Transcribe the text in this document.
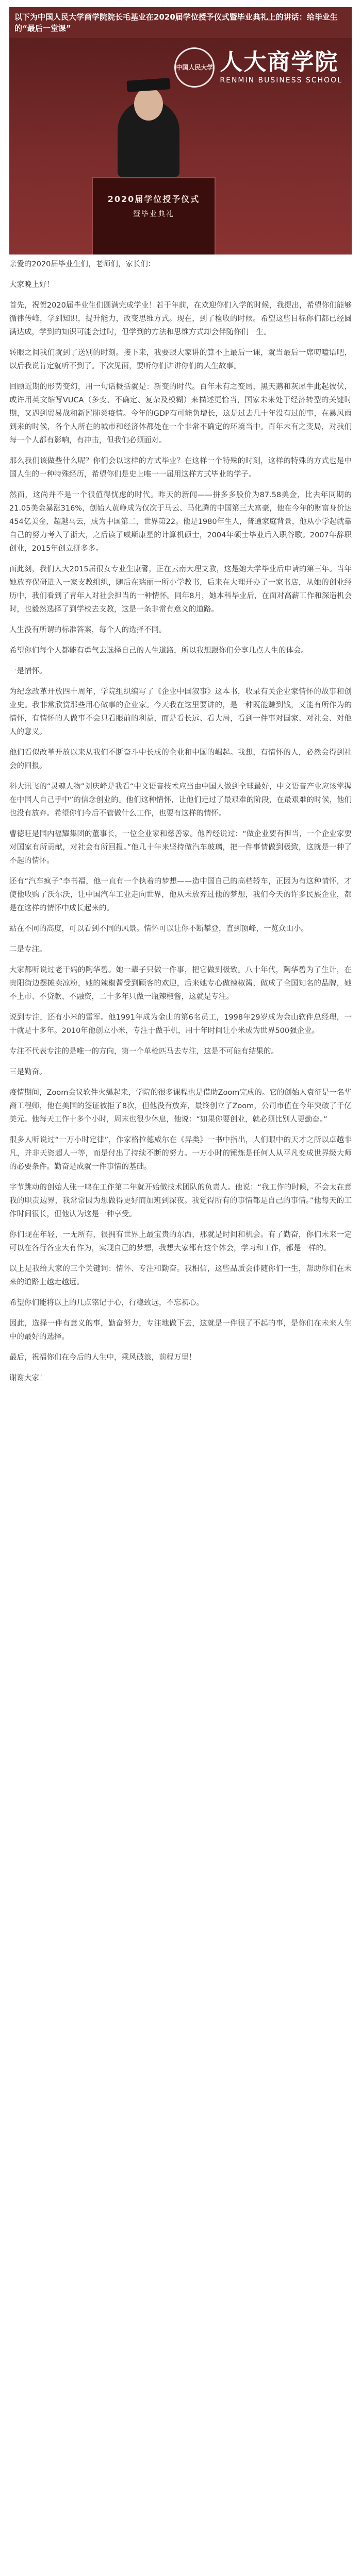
以下为中国人民大学商学院院长毛基业在2020届学位授予仪式暨毕业典礼上的讲话：给毕业生的“最后一堂课”
中国人民大学 人大商学院
RENMIN BUSINESS SCHOOL
2020届学位授予仪式
暨毕业典礼

亲爱的2020届毕业生们，老师们，家长们：

大家晚上好！

首先，祝贺2020届毕业生们圆满完成学业！若干年前，在欢迎你们入学的时候，我提出，希望你们能够循律传峰，学到知识，提升能力，改变思维方式。现在，到了检收的时候。希望这些目标你们都已经圆满达成，学到的知识可能会过时，但学到的方法和思维方式却会伴随你们一生。

转眼之间我们就到了送别的时刻。接下来，我要跟大家讲的算不上最后一课，就当最后一席叨嗑语吧，以后我说肯定就听不到了。下次见面，要听你们讲讲你们的人生故事。

回顾近期的形势变幻，用一句话概括就是：新变的时代。百年未有之变局，黑天鹅和灰犀牛此起彼伏，或许用英文缩写VUCA（多变、不确定、复杂及模糊）来描述更恰当，国家未来处于经济转型的关键时期，又遇到贸易战和新冠肺炎疫情。今年的GDP有可能负增长，这是过去几十年没有过的事，在暴风雨到来的时候，各个人所在的城市和经济体都处在一个非常不确定的环境当中。百年未有之变局，对我们每一个人都有影响，有冲击，但我们必须面对。

那么我们该做些什么呢？你们会以这样的方式毕业？在这样一个特殊的时刻，这样的特殊的方式也是中国人生的一种特殊经历，希望你们是史上唯一一届用这样方式毕业的学子。

然而，这尚并不是一个很值得忧虑的时代。昨天的新闻——拼多多股价为87.58美金，比去年同期的21.05美金暴涨316%，创始人黄峥成为仅次于马云、马化腾的中国第三大富豪，他在今年的财富身价达454亿美金，超越马云，成为中国第二，世界第22。他是1980年生人，普通家庭背景，他从小学起就靠自己的努力考入了浙大，之后读了威斯康星的计算机硕士，2004年硕士毕业后入职谷歌。2007年辞职创业，2015年创立拼多多。

而此刻，我们人大2015届很女专业生康馨，正在云南大理支教，这是她大学毕业后申请的第三年。当年她放弃保研进入一家支教组织，随后在瑞丽一所小学教书，后来在大理开办了一家书店，从她的创业经历中，我们看到了青年人对社会担当的一种情怀。同年8月，她本科毕业后，在面对高薪工作和深造机会时，也毅然选择了到学校去支教，这是一条非常有意义的道路。

人生没有所谓的标准答案，每个人的选择不同。

希望你们每个人都能有勇气去选择自己的人生道路，所以我想跟你们分享几点人生的体会。

一是情怀。

为纪念改革开放四十周年，学院组织编写了《企业中国叙事》这本书，收录有关企业家情怀的故事和创业史。我非常欣赏那些用心做事的企业家。今天我在这里要讲的，是一种既能赚到钱，又能有所作为的情怀，有情怀的人做事不会只看眼前的利益，而是看长远、看大局，看到一件事对国家、对社会、对他人的意义。

他们看似改革开放以来从我们不断奋斗中长成的企业和中国的崛起。我想，有情怀的人，必然会得到社会的回报。

科大讯飞的“灵魂人物”刘庆峰是我看“中文语音技术应当由中国人做到全球最好，中文语音产业应该掌握在中国人自己手中”的信念创业的。他们这种情怀，让他们走过了最艰难的阶段，在最艰难的时候，他们也没有放弃。希望你们今后不管做什么工作，也要有这样的情怀。

曹德旺是国内福耀集团的董事长，一位企业家和慈善家。他曾经说过：“做企业要有担当，一个企业家要对国家有所贡献，对社会有所回报。”他几十年来坚持做汽车玻璃，把一件事情做到极致，这就是一种了不起的情怀。

还有“汽车疯子”李书福，他一直有一个执着的梦想——造中国自己的高档轿车，正因为有这种情怀，才使他收购了沃尔沃，让中国汽车工业走向世界，他从未放弃过他的梦想，我们今天的许多民族企业，都是在这样的情怀中成长起来的。

站在不同的高度，可以看到不同的风景。情怀可以让你不断攀登，直到顶峰，一览众山小。

二是专注。

大家都听说过老干妈的陶华碧。她一辈子只做一件事，把它做到极致。八十年代，陶华碧为了生计，在贵阳街边摆摊卖凉粉，她的辣椒酱受到顾客的欢迎，后来她专心做辣椒酱，做成了全国知名的品牌，她不上市、不贷款、不融资，二十多年只做一瓶辣椒酱，这就是专注。

说到专注，还有小米的雷军。他1991年成为金山的第6名员工，1998年29岁成为金山软件总经理，一干就是十多年。2010年他创立小米，专注于做手机，用十年时间让小米成为世界500强企业。

专注不代表专注的是唯一的方向，第一个单枪匹马去专注，这是不可能有结果的。

三是勤奋。

疫情期间，Zoom会议软件火爆起来，学院的很多课程也是借助Zoom完成的。它的创始人袁征是一名华裔工程师，他在美国的签证被拒了8次，但他没有放弃，最终创立了Zoom，公司市值在今年突破了千亿美元。他每天工作十多个小时，周末也很少休息，他说：“如果你要创业，就必须比别人更勤奋。”

很多人听说过“一万小时定律”，作家格拉德威尔在《异类》一书中指出，人们眼中的天才之所以卓越非凡，并非天资超人一等，而是付出了持续不断的努力。一万小时的锤炼是任何人从平凡变成世界级大师的必要条件。勤奋是成就一件事情的基础。

字节跳动的创始人张一鸣在工作第二年就开始做技术团队的负责人。他说：“我工作的时候，不会太在意我的职责边界，我常常因为想做得更好而加班到深夜。我觉得所有的事情都是自己的事情。”他每天的工作时间很长，但他认为这是一种享受。

你们现在年轻，一无所有，很拥有世界上最宝贵的东西，那就是时间和机会。有了勤奋，你们未来一定可以在各行各业大有作为，实现自己的梦想，我想大家都有这个体会，学习和工作，都是一样的。

以上是我给大家的三个关键词：情怀、专注和勤奋。我相信，这些品质会伴随你们一生，帮助你们在未来的道路上越走越远。

希望你们能将以上的几点铭记于心，行稳致远，不忘初心。

因此，选择一件有意义的事，勤奋努力，专注地做下去，这就是一件很了不起的事，是你们在未来人生中的最好的选择。

最后，祝福你们在今后的人生中，乘风破浪，前程万里！

谢谢大家！
